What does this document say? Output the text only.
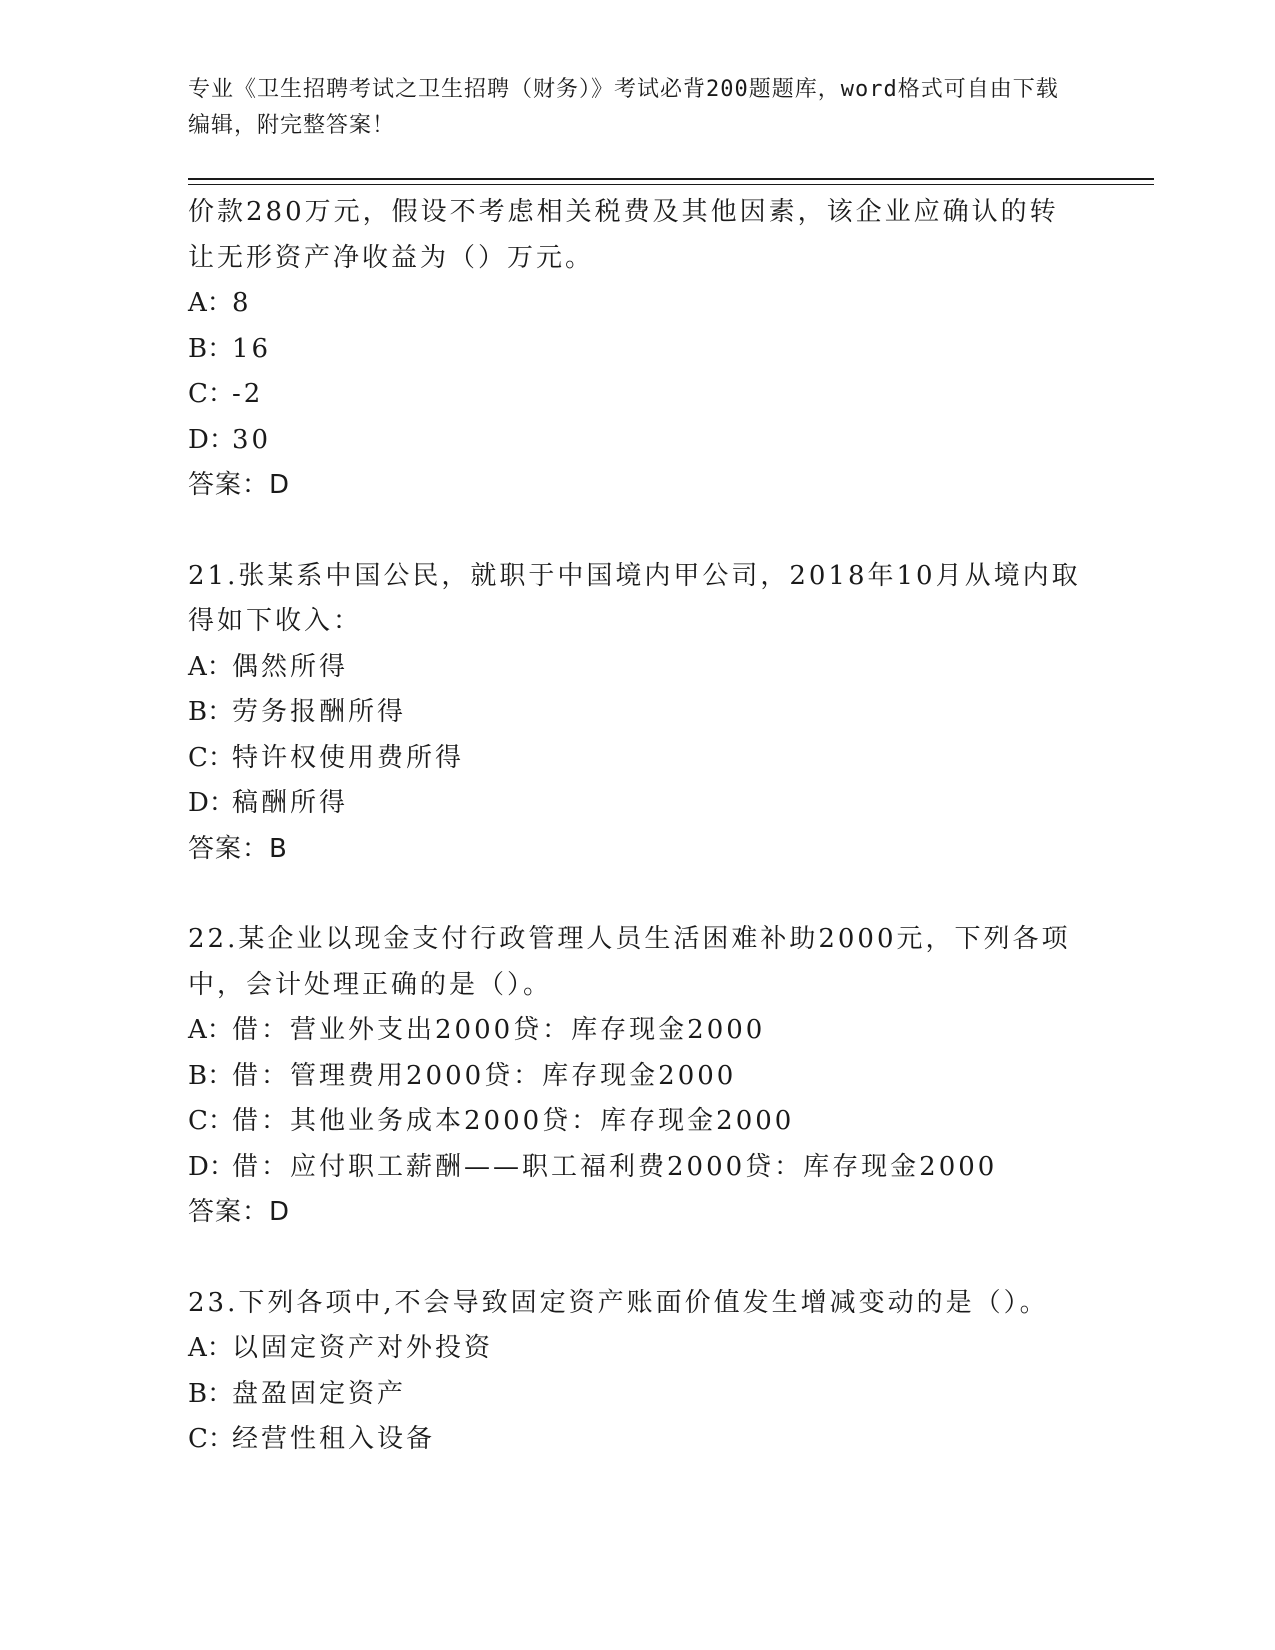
专业《卫生招聘考试之卫生招聘（财务）》考试必背200题题库，word格式可自由下载编辑，附完整答案！
价款280万元，假设不考虑相关税费及其他因素，该企业应确认的转
让无形资产净收益为（）万元。
A：8
B：16
C：-2
D：30
答案：D
21.张某系中国公民，就职于中国境内甲公司，2018年10月从境内取
得如下收入：
A：偶然所得
B：劳务报酬所得
C：特许权使用费所得
D：稿酬所得
答案：B
22.某企业以现金支付行政管理人员生活困难补助2000元，下列各项
中，会计处理正确的是（）。
A：借：营业外支出2000贷：库存现金2000
B：借：管理费用2000贷：库存现金2000
C：借：其他业务成本2000贷：库存现金2000
D：借：应付职工薪酬——职工福利费2000贷：库存现金2000
答案：D
23.下列各项中,不会导致固定资产账面价值发生增减变动的是（）。
A：以固定资产对外投资
B：盘盈固定资产
C：经营性租入设备
